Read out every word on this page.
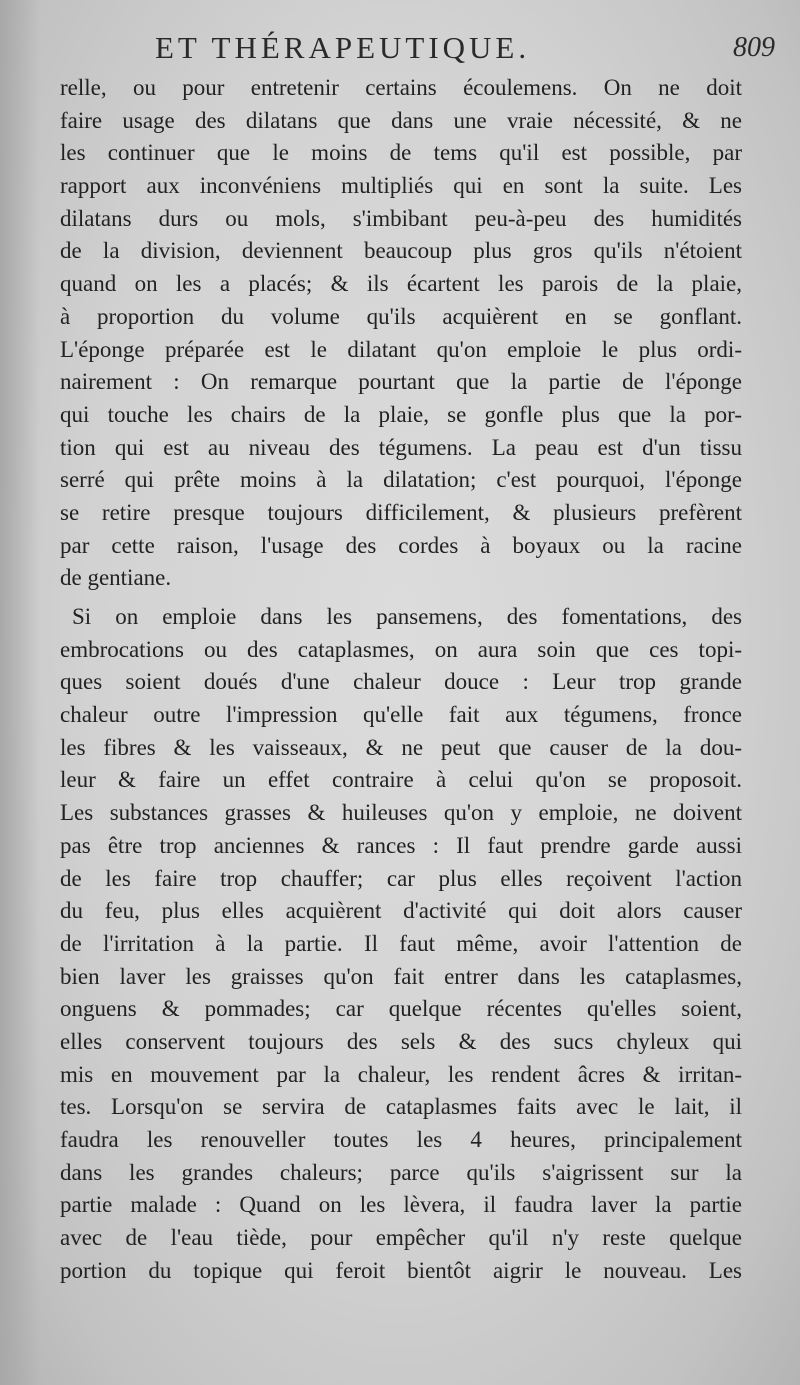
ET THÉRAPEUTIQUE.	809
relle, ou pour entretenir certains écoulemens. On ne doit
faire usage des dilatans que dans une vraie nécessité, & ne
les continuer que le moins de tems qu'il est possible, par
rapport aux inconvéniens multipliés qui en sont la suite. Les
dilatans durs ou mols, s'imbibant peu-à-peu des humidités
de la division, deviennent beaucoup plus gros qu'ils n'étoient
quand on les a placés; & ils écartent les parois de la plaie,
à proportion du volume qu'ils acquièrent en se gonflant.
L'éponge préparée est le dilatant qu'on emploie le plus ordi-
nairement : On remarque pourtant que la partie de l'éponge
qui touche les chairs de la plaie, se gonfle plus que la por-
tion qui est au niveau des tégumens. La peau est d'un tissu
serré qui prête moins à la dilatation; c'est pourquoi, l'éponge
se retire presque toujours difficilement, & plusieurs prefèrent
par cette raison, l'usage des cordes à boyaux ou la racine
de gentiane.
Si on emploie dans les pansemens, des fomentations, des
embrocations ou des cataplasmes, on aura soin que ces topi-
ques soient doués d'une chaleur douce : Leur trop grande
chaleur outre l'impression qu'elle fait aux tégumens, fronce
les fibres & les vaisseaux, & ne peut que causer de la dou-
leur & faire un effet contraire à celui qu'on se proposoit.
Les substances grasses & huileuses qu'on y emploie, ne doivent
pas être trop anciennes & rances : Il faut prendre garde aussi
de les faire trop chauffer; car plus elles reçoivent l'action
du feu, plus elles acquièrent d'activité qui doit alors causer
de l'irritation à la partie. Il faut même, avoir l'attention de
bien laver les graisses qu'on fait entrer dans les cataplasmes,
onguens & pommades; car quelque récentes qu'elles soient,
elles conservent toujours des sels & des sucs chyleux qui
mis en mouvement par la chaleur, les rendent âcres & irritan-
tes. Lorsqu'on se servira de cataplasmes faits avec le lait, il
faudra les renouveller toutes les 4 heures, principalement
dans les grandes chaleurs; parce qu'ils s'aigrissent sur la
partie malade : Quand on les lèvera, il faudra laver la partie
avec de l'eau tiède, pour empêcher qu'il n'y reste quelque
portion du topique qui feroit bientôt aigrir le nouveau. Les
